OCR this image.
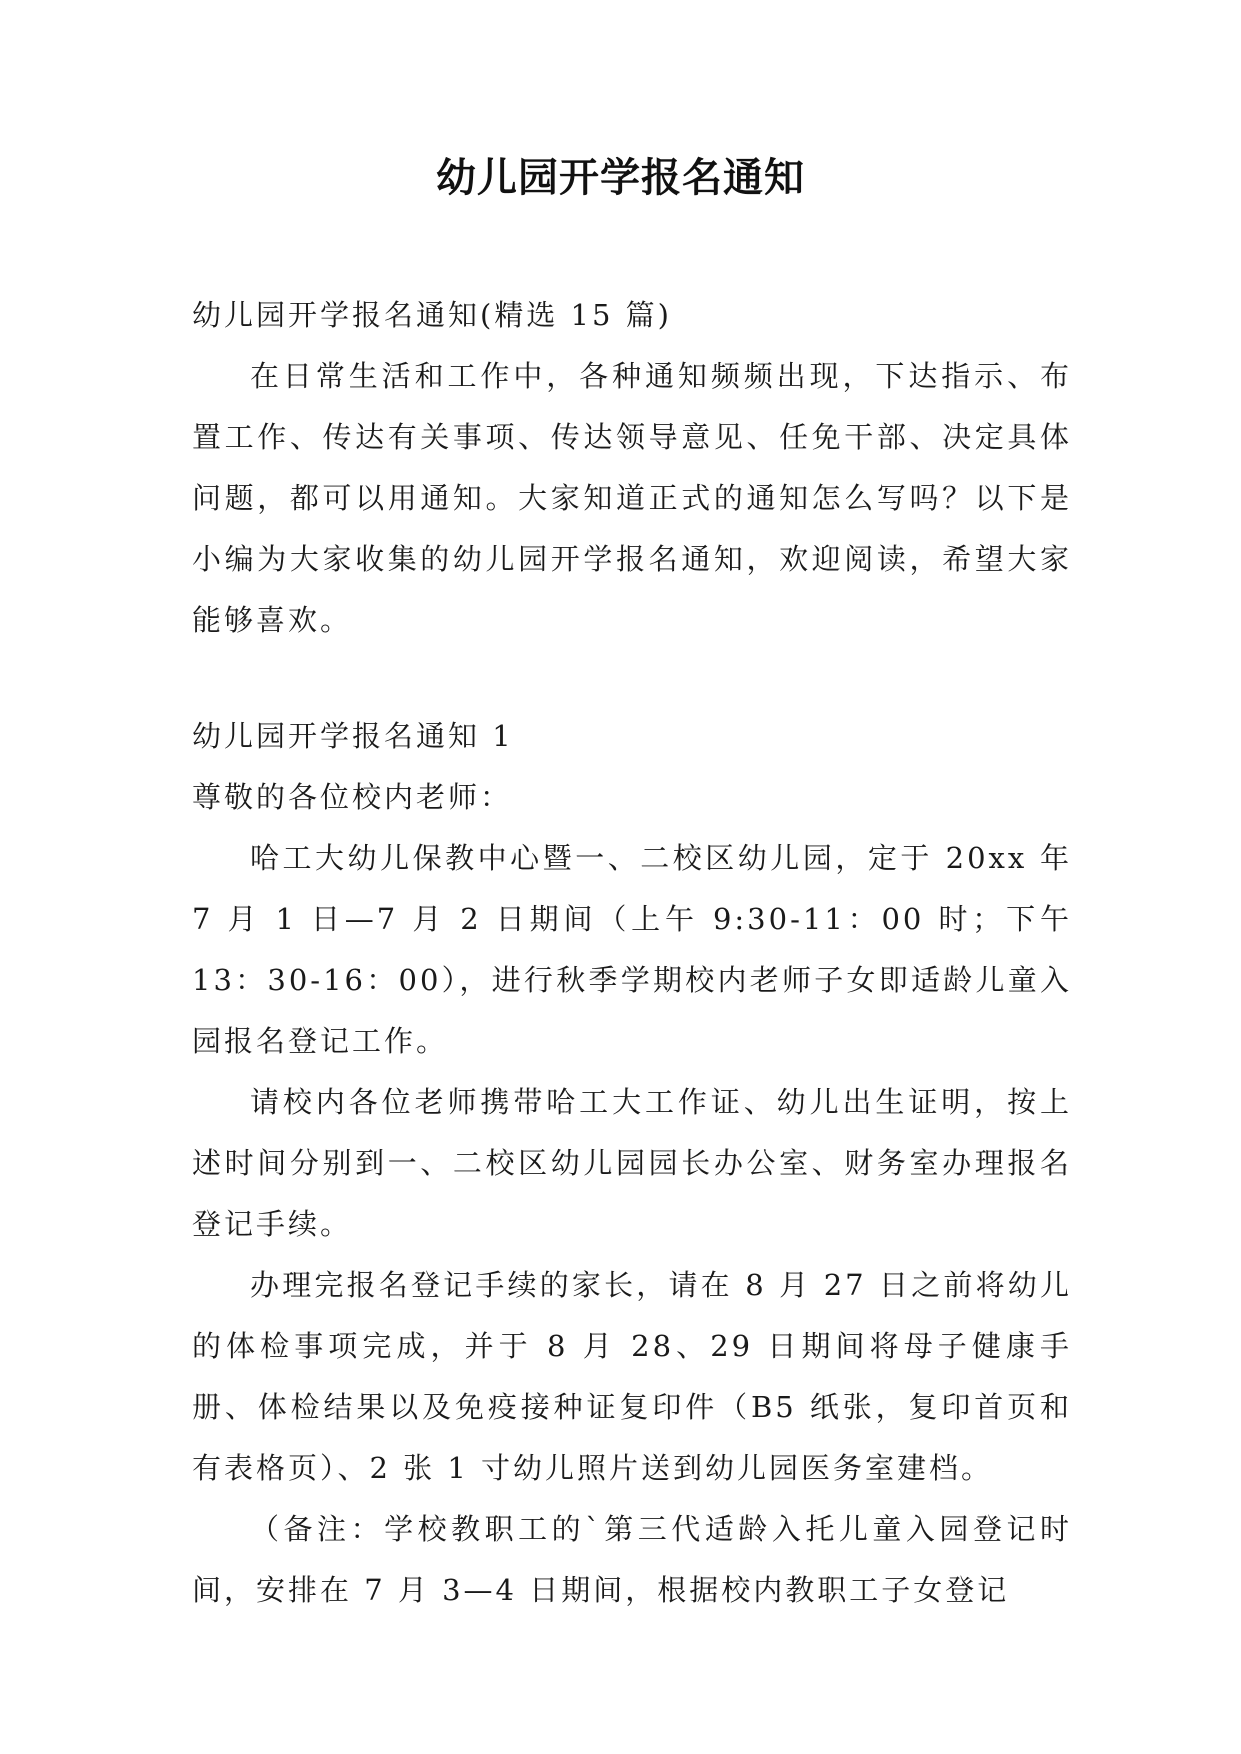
幼儿园开学报名通知

幼儿园开学报名通知(精选 15 篇)

在日常生活和工作中，各种通知频频出现，下达指示、布置工作、传达有关事项、传达领导意见、任免干部、决定具体问题，都可以用通知。大家知道正式的通知怎么写吗？以下是小编为大家收集的幼儿园开学报名通知，欢迎阅读，希望大家能够喜欢。

幼儿园开学报名通知 1

尊敬的各位校内老师：

哈工大幼儿保教中心暨一、二校区幼儿园，定于 20xx 年 7 月 1 日—7 月 2 日期间（上午 9:30-11：00 时；下午 13：30-16：00），进行秋季学期校内老师子女即适龄儿童入园报名登记工作。

请校内各位老师携带哈工大工作证、幼儿出生证明，按上述时间分别到一、二校区幼儿园园长办公室、财务室办理报名登记手续。

办理完报名登记手续的家长，请在 8 月 27 日之前将幼儿的体检事项完成，并于 8 月 28、29 日期间将母子健康手册、体检结果以及免疫接种证复印件（B5 纸张，复印首页和有表格页）、2 张 1 寸幼儿照片送到幼儿园医务室建档。

（备注：学校教职工的`第三代适龄入托儿童入园登记时间，安排在 7 月 3—4 日期间，根据校内教职工子女登记
